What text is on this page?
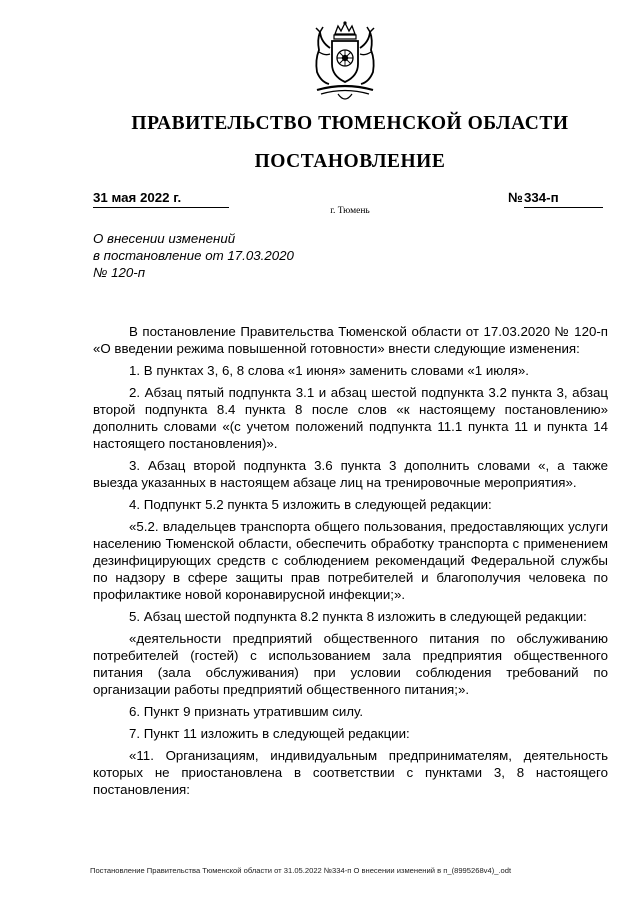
ПРАВИТЕЛЬСТВО ТЮМЕНСКОЙ ОБЛАСТИ
ПОСТАНОВЛЕНИЕ
31 мая 2022 г.	№ 334-п
г. Тюмень
О внесении изменений
в постановление от 17.03.2020
№ 120-п

В постановление Правительства Тюменской области от 17.03.2020 № 120-п «О введении режима повышенной готовности» внести следующие изменения:

1. В пунктах 3, 6, 8 слова «1 июня» заменить словами «1 июля».

2. Абзац пятый подпункта 3.1 и абзац шестой подпункта 3.2 пункта 3, абзац второй подпункта 8.4 пункта 8 после слов «к настоящему постановлению» дополнить словами «(с учетом положений подпункта 11.1 пункта 11 и пункта 14 настоящего постановления)».

3. Абзац второй подпункта 3.6 пункта 3 дополнить словами «, а также выезда указанных в настоящем абзаце лиц на тренировочные мероприятия».

4. Подпункт 5.2 пункта 5 изложить в следующей редакции:

«5.2. владельцев транспорта общего пользования, предоставляющих услуги населению Тюменской области, обеспечить обработку транспорта с применением дезинфицирующих средств с соблюдением рекомендаций Федеральной службы по надзору в сфере защиты прав потребителей и благополучия человека по профилактике новой коронавирусной инфекции;».

5. Абзац шестой подпункта 8.2 пункта 8 изложить в следующей редакции:

«деятельности предприятий общественного питания по обслуживанию потребителей (гостей) с использованием зала предприятия общественного питания (зала обслуживания) при условии соблюдения требований по организации работы предприятий общественного питания;».

6. Пункт 9 признать утратившим силу.

7. Пункт 11 изложить в следующей редакции:

«11. Организациям, индивидуальным предпринимателям, деятельность которых не приостановлена в соответствии с пунктами 3, 8 настоящего постановления:

Постановление Правительства Тюменской области от 31.05.2022 №334-п О внесении изменений в п_(8995268v4)_.odt
